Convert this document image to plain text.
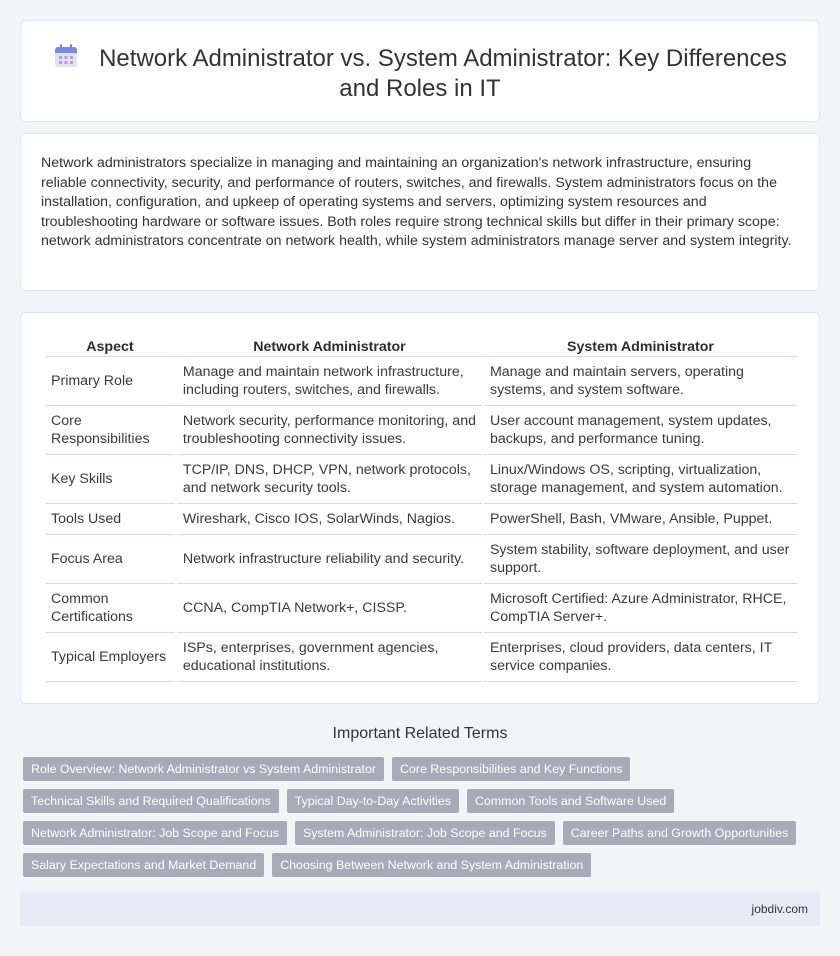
Network Administrator vs. System Administrator: Key Differences
and Roles in IT

Network administrators specialize in managing and maintaining an organization's network infrastructure, ensuring reliable connectivity, security, and performance of routers, switches, and firewalls. System administrators focus on the installation, configuration, and upkeep of operating systems and servers, optimizing system resources and troubleshooting hardware or software issues. Both roles require strong technical skills but differ in their primary scope: network administrators concentrate on network health, while system administrators manage server and system integrity.

Aspect	Network Administrator	System Administrator
Primary Role	Manage and maintain network infrastructure, including routers, switches, and firewalls.	Manage and maintain servers, operating systems, and system software.
Core Responsibilities	Network security, performance monitoring, and troubleshooting connectivity issues.	User account management, system updates, backups, and performance tuning.
Key Skills	TCP/IP, DNS, DHCP, VPN, network protocols, and network security tools.	Linux/Windows OS, scripting, virtualization, storage management, and system automation.
Tools Used	Wireshark, Cisco IOS, SolarWinds, Nagios.	PowerShell, Bash, VMware, Ansible, Puppet.
Focus Area	Network infrastructure reliability and security.	System stability, software deployment, and user support.
Common Certifications	CCNA, CompTIA Network+, CISSP.	Microsoft Certified: Azure Administrator, RHCE, CompTIA Server+.
Typical Employers	ISPs, enterprises, government agencies, educational institutions.	Enterprises, cloud providers, data centers, IT service companies.
Important Related Terms
Role Overview: Network Administrator vs System Administrator	Core Responsibilities and Key Functions
Technical Skills and Required Qualifications	Typical Day-to-Day Activities	Common Tools and Software Used
Network Administrator: Job Scope and Focus	System Administrator: Job Scope and Focus	Career Paths and Growth Opportunities
Salary Expectations and Market Demand	Choosing Between Network and System Administration
jobdiv.com
